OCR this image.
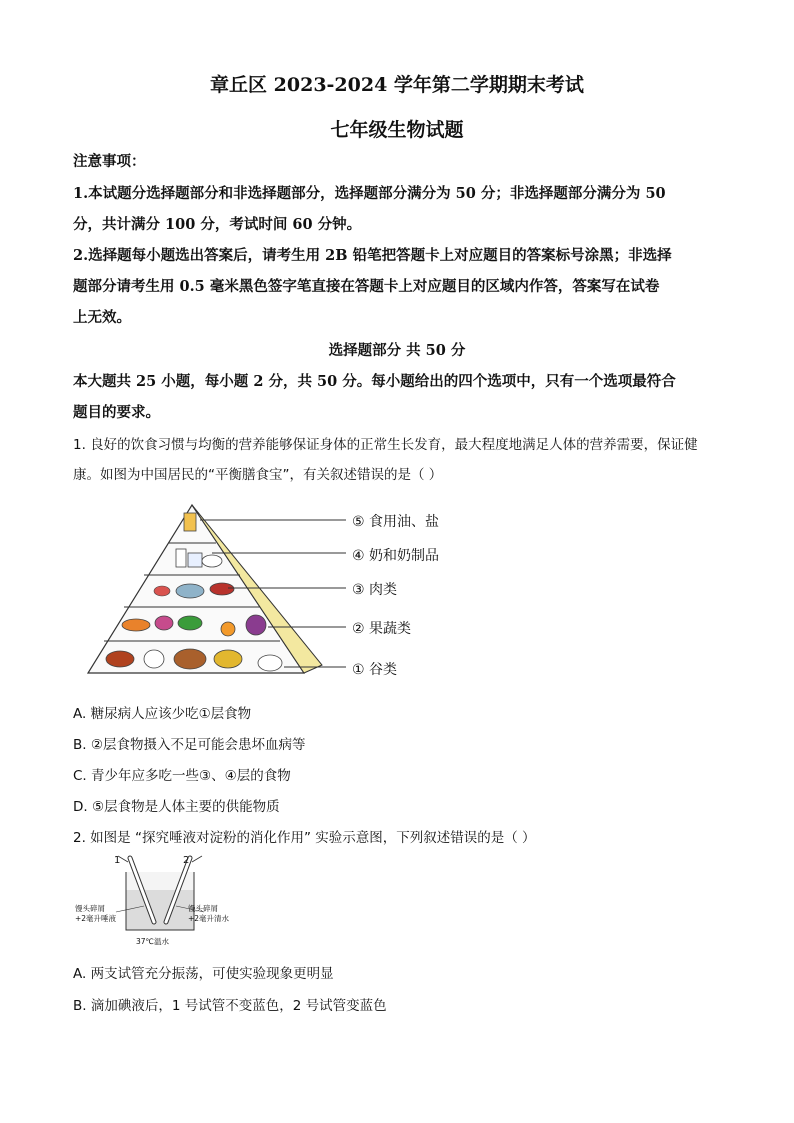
章丘区 2023-2024 学年第二学期期末考试
七年级生物试题
注意事项：
1.本试题分选择题部分和非选择题部分，选择题部分满分为 50 分；非选择题部分满分为 50
分，共计满分 100 分，考试时间 60 分钟。
2.选择题每小题选出答案后，请考生用 2B 铅笔把答题卡上对应题目的答案标号涂黑；非选择
题部分请考生用 0.5 毫米黑色签字笔直接在答题卡上对应题目的区域内作答，答案写在试卷
上无效。
选择题部分 共 50 分
本大题共 25 小题，每小题 2 分，共 50 分。每小题给出的四个选项中，只有一个选项最符合
题目的要求。
1. 良好的饮食习惯与均衡的营养能够保证身体的正常生长发育，最大程度地满足人体的营养需要，保证健
康。如图为中国居民的“平衡膳食宝”，有关叙述错误的是（ ）
⑤ 食用油、盐
④ 奶和奶制品
③ 肉类
② 果蔬类
① 谷类
A. 糖尿病人应该少吃①层食物
B. ②层食物摄入不足可能会患坏血病等
C. 青少年应多吃一些③、④层的食物
D. ⑤层食物是人体主要的供能物质
2. 如图是 “探究唾液对淀粉的消化作用” 实验示意图，下列叙述错误的是（ ）
1	2
馒头碎屑
+2毫升唾液
馒头碎屑
+2毫升清水
37℃温水
A. 两支试管充分振荡，可使实验现象更明显
B. 滴加碘液后，1 号试管不变蓝色，2 号试管变蓝色
